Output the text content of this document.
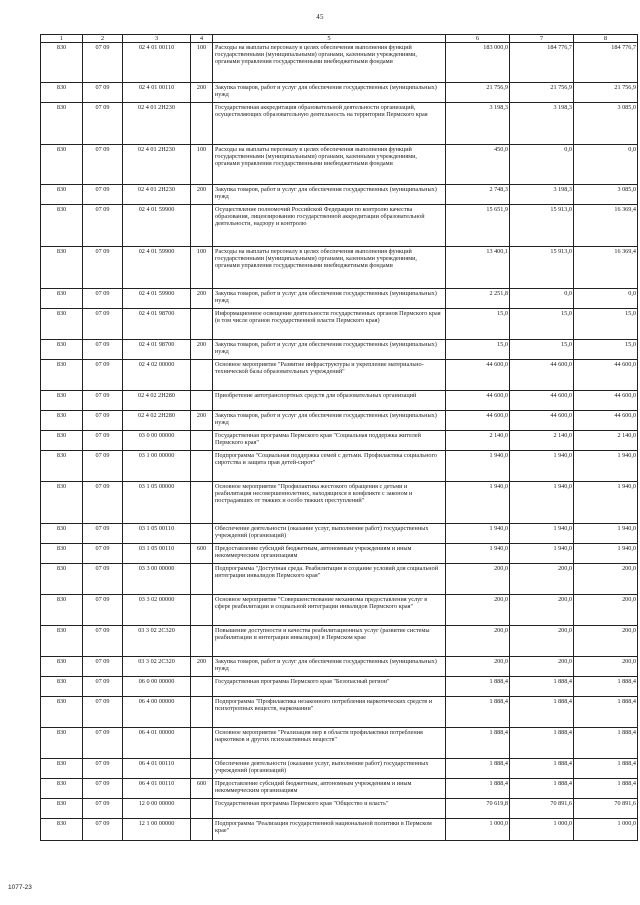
45
1	2	3	4	5	6	7	8
830	07 09	02 4 01 00110	100	Расходы на выплаты персоналу в целях обеспечения выполнения функций государственными (муниципальными) органами, казенными учреждениями, органами управления государственными внебюджетными фондами	183 000,0	184 776,7	184 776,7
830	07 09	02 4 01 00110	200	Закупка товаров, работ и услуг для обеспечения государственных (муниципальных) нужд	21 756,9	21 756,9	21 756,9
830	07 09	02 4 01 2Н230		Государственная аккредитация образовательной деятельности организаций, осуществляющих образовательную деятельность на территории Пермского края	3 198,3	3 198,3	3 085,0
830	07 09	02 4 01 2Н230	100	Расходы на выплаты персоналу в целях обеспечения выполнения функций государственными (муниципальными) органами, казенными учреждениями, органами управления государственными внебюджетными фондами	450,0	0,0	0,0
830	07 09	02 4 01 2Н230	200	Закупка товаров, работ и услуг для обеспечения государственных (муниципальных) нужд	2 748,3	3 198,3	3 085,0
830	07 09	02 4 01 59900		Осуществление полномочий Российской Федерации по контролю качества образования, лицензированию государственной аккредитации образовательной деятельности, надзору и контролю	15 651,9	15 913,0	16 369,4
830	07 09	02 4 01 59900	100	Расходы на выплаты персоналу в целях обеспечения выполнения функций государственными (муниципальными) органами, казенными учреждениями, органами управления государственными внебюджетными фондами	13 400,1	15 913,0	16 369,4
830	07 09	02 4 01 59900	200	Закупка товаров, работ и услуг для обеспечения государственных (муниципальных) нужд	2 251,8	0,0	0,0
830	07 09	02 4 01 98700		Информационное освещение деятельности государственных органов Пермского края (в том числе органов государственной власти Пермского края)	15,0	15,0	15,0
830	07 09	02 4 01 98700	200	Закупка товаров, работ и услуг для обеспечения государственных (муниципальных) нужд	15,0	15,0	15,0
830	07 09	02 4 02 00000		Основное мероприятие "Развитие инфраструктуры и укрепление материально-технической базы образовательных учреждений"	44 600,0	44 600,0	44 600,0
830	07 09	02 4 02 2Н280		Приобретение автотранспортных средств для образовательных организаций	44 600,0	44 600,0	44 600,0
830	07 09	02 4 02 2Н280	200	Закупка товаров, работ и услуг для обеспечения государственных (муниципальных) нужд	44 600,0	44 600,0	44 600,0
830	07 09	03 0 00 00000		Государственная программа Пермского края "Социальная поддержка жителей Пермского края"	2 140,0	2 140,0	2 140,0
830	07 09	03 1 00 00000		Подпрограмма "Социальная поддержка семей с детьми. Профилактика социального сиротства и защита прав детей-сирот"	1 940,0	1 940,0	1 940,0
830	07 09	03 1 05 00000		Основное мероприятие "Профилактика жестокого обращения с детьми и реабилитация несовершеннолетних, находящихся в конфликте с законом и пострадавших от тяжких и особо тяжких преступлений"	1 940,0	1 940,0	1 940,0
830	07 09	03 1 05 00110		Обеспечение деятельности (оказание услуг, выполнение работ) государственных учреждений (организаций)	1 940,0	1 940,0	1 940,0
830	07 09	03 1 05 00110	600	Предоставление субсидий бюджетным, автономным учреждениям и иным некоммерческим организациям	1 940,0	1 940,0	1 940,0
830	07 09	03 3 00 00000		Подпрограмма "Доступная среда. Реабилитация и создание условий для социальной интеграции инвалидов Пермского края"	200,0	200,0	200,0
830	07 09	03 3 02 00000		Основное мероприятие "Совершенствование механизма предоставления услуг в сфере реабилитации и социальной интеграции инвалидов Пермского края"	200,0	200,0	200,0
830	07 09	03 3 02 2С320		Повышение доступности и качества реабилитационных услуг (развитие системы реабилитации и интеграции инвалидов) в Пермском крае	200,0	200,0	200,0
830	07 09	03 3 02 2С320	200	Закупка товаров, работ и услуг для обеспечения государственных (муниципальных) нужд	200,0	200,0	200,0
830	07 09	06 0 00 00000		Государственная программа Пермского края "Безопасный регион"	1 888,4	1 888,4	1 888,4
830	07 09	06 4 00 00000		Подпрограмма "Профилактика незаконного потребления наркотических средств и психотропных веществ, наркомании"	1 888,4	1 888,4	1 888,4
830	07 09	06 4 01 00000		Основное мероприятие "Реализация мер в области профилактики потребления наркотиков и других психоактивных веществ"	1 888,4	1 888,4	1 888,4
830	07 09	06 4 01 00110		Обеспечение деятельности (оказание услуг, выполнение работ) государственных учреждений (организаций)	1 888,4	1 888,4	1 888,4
830	07 09	06 4 01 00110	600	Предоставление субсидий бюджетным, автономным учреждениям и иным некоммерческим организациям	1 888,4	1 888,4	1 888,4
830	07 09	12 0 00 00000		Государственная программа Пермского края "Общество и власть"	70 619,8	70 891,6	70 891,6
830	07 09	12 1 00 00000		Подпрограмма "Реализация государственной национальной политики в Пермском крае"	1 000,0	1 000,0	1 000,0
1077-23
